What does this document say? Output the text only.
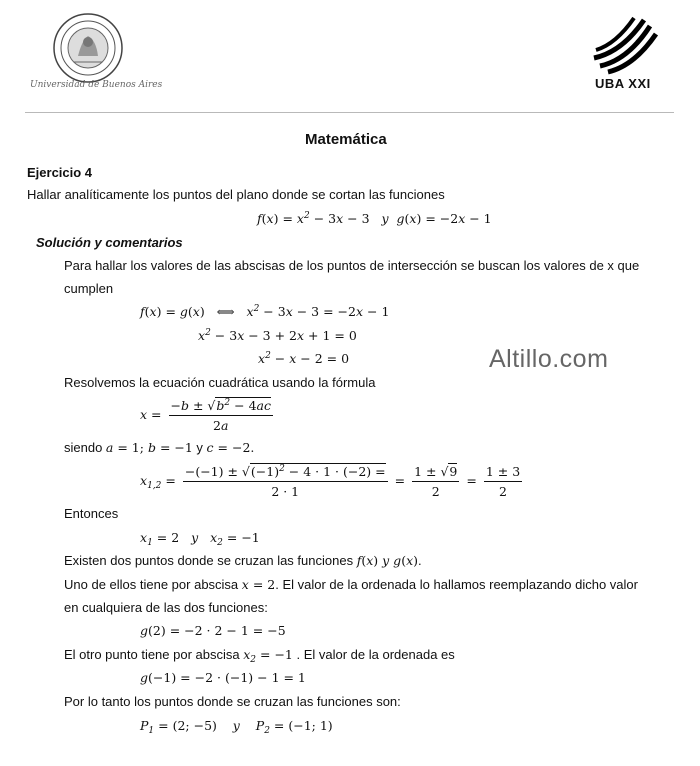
Universidad de Buenos Aires	UBA XXI
Matemática
Ejercicio 4
Hallar analíticamente los puntos del plano donde se cortan las funciones
$f(x) = x^2 - 3x - 3$   y  g(x) = −2x − 1
Solución y comentarios
Para hallar los valores de las abscisas de los puntos de intersección se buscan los valores de x que
cumplen
f(x) = g(x)   ⟺   $x^2 - 3x - 3 = -2x - 1$
$x^2 - 3x - 3 + 2x + 1 = 0$
$x^2 - x - 2 = 0$	Altillo.com
Resolvemos la ecuación cuadrática usando la fórmula
$x = \frac{-b \pm √b^2 - 4ac}{2a}$
siendo a = 1; b = −1 y c = −2.
$x_{1,2} = \frac{-(-1) \pm √(-1)^2 - 4 \cdot 1 \cdot (-2) =}{2 \cdot 1} = \frac{1 \pm √9}{2} = \frac{1 \pm 3}{2}$
Entonces
$x_1 = 2$   y   $x_2 = -1$
Existen dos puntos donde se cruzan las funciones f(x) y g(x).
Uno de ellos tiene por abscisa x = 2. El valor de la ordenada lo hallamos reemplazando dicho valor
en cualquiera de las dos funciones:
g(2) = −2 · 2 − 1 = −5
El otro punto tiene por abscisa $x_2 = -1$ . El valor de la ordenada es
g(−1) = −2 · (−1) − 1 = 1
Por lo tanto los puntos donde se cruzan las funciones son:
$P_1 = (2$; −5)    y    $P_2 = (-1$; 1)
